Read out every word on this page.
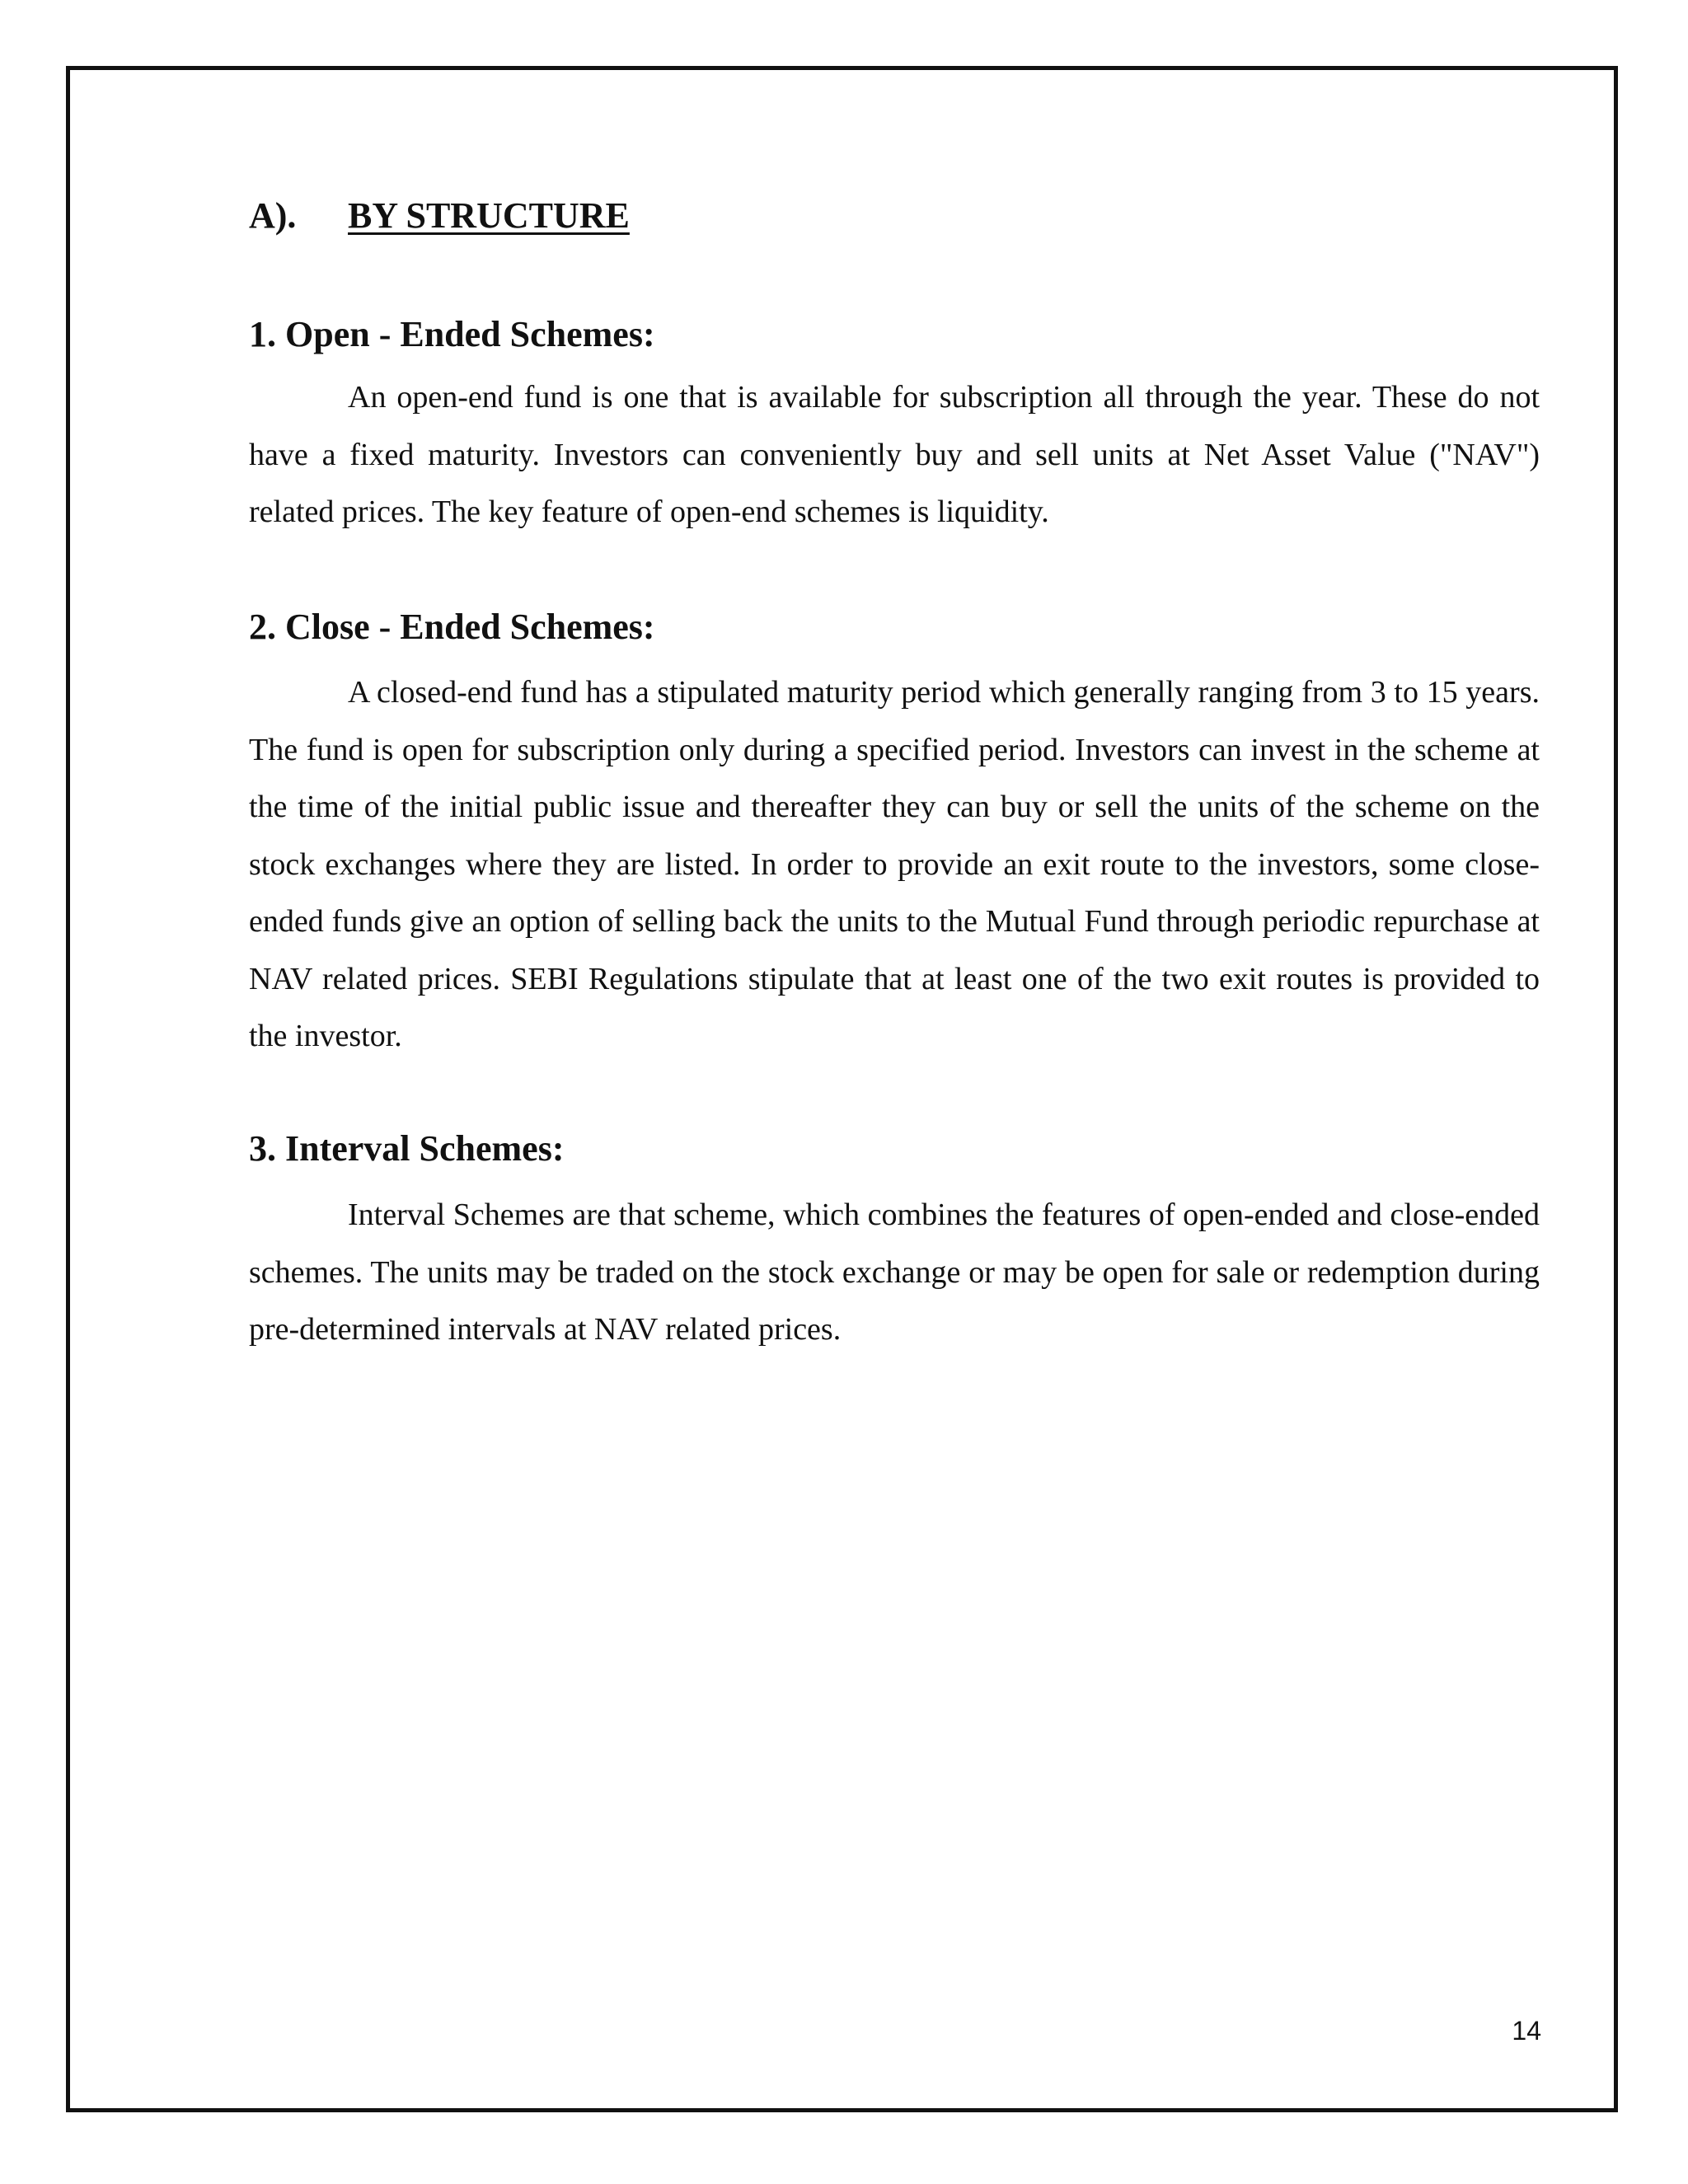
A). BY STRUCTURE
1. Open - Ended Schemes:

An open-end fund is one that is available for subscription all through the year. These do not have a fixed maturity. Investors can conveniently buy and sell units at Net Asset Value ("NAV") related prices. The key feature of open-end schemes is liquidity.

2. Close - Ended Schemes:

A closed-end fund has a stipulated maturity period which generally ranging from 3 to 15 years. The fund is open for subscription only during a specified period. Investors can invest in the scheme at the time of the initial public issue and thereafter they can buy or sell the units of the scheme on the stock exchanges where they are listed. In order to provide an exit route to the investors, some close-ended funds give an option of selling back the units to the Mutual Fund through periodic repurchase at NAV related prices. SEBI Regulations stipulate that at least one of the two exit routes is provided to the investor.

3. Interval Schemes:

Interval Schemes are that scheme, which combines the features of open-ended and close-ended schemes. The units may be traded on the stock exchange or may be open for sale or redemption during pre-determined intervals at NAV related prices.

14
